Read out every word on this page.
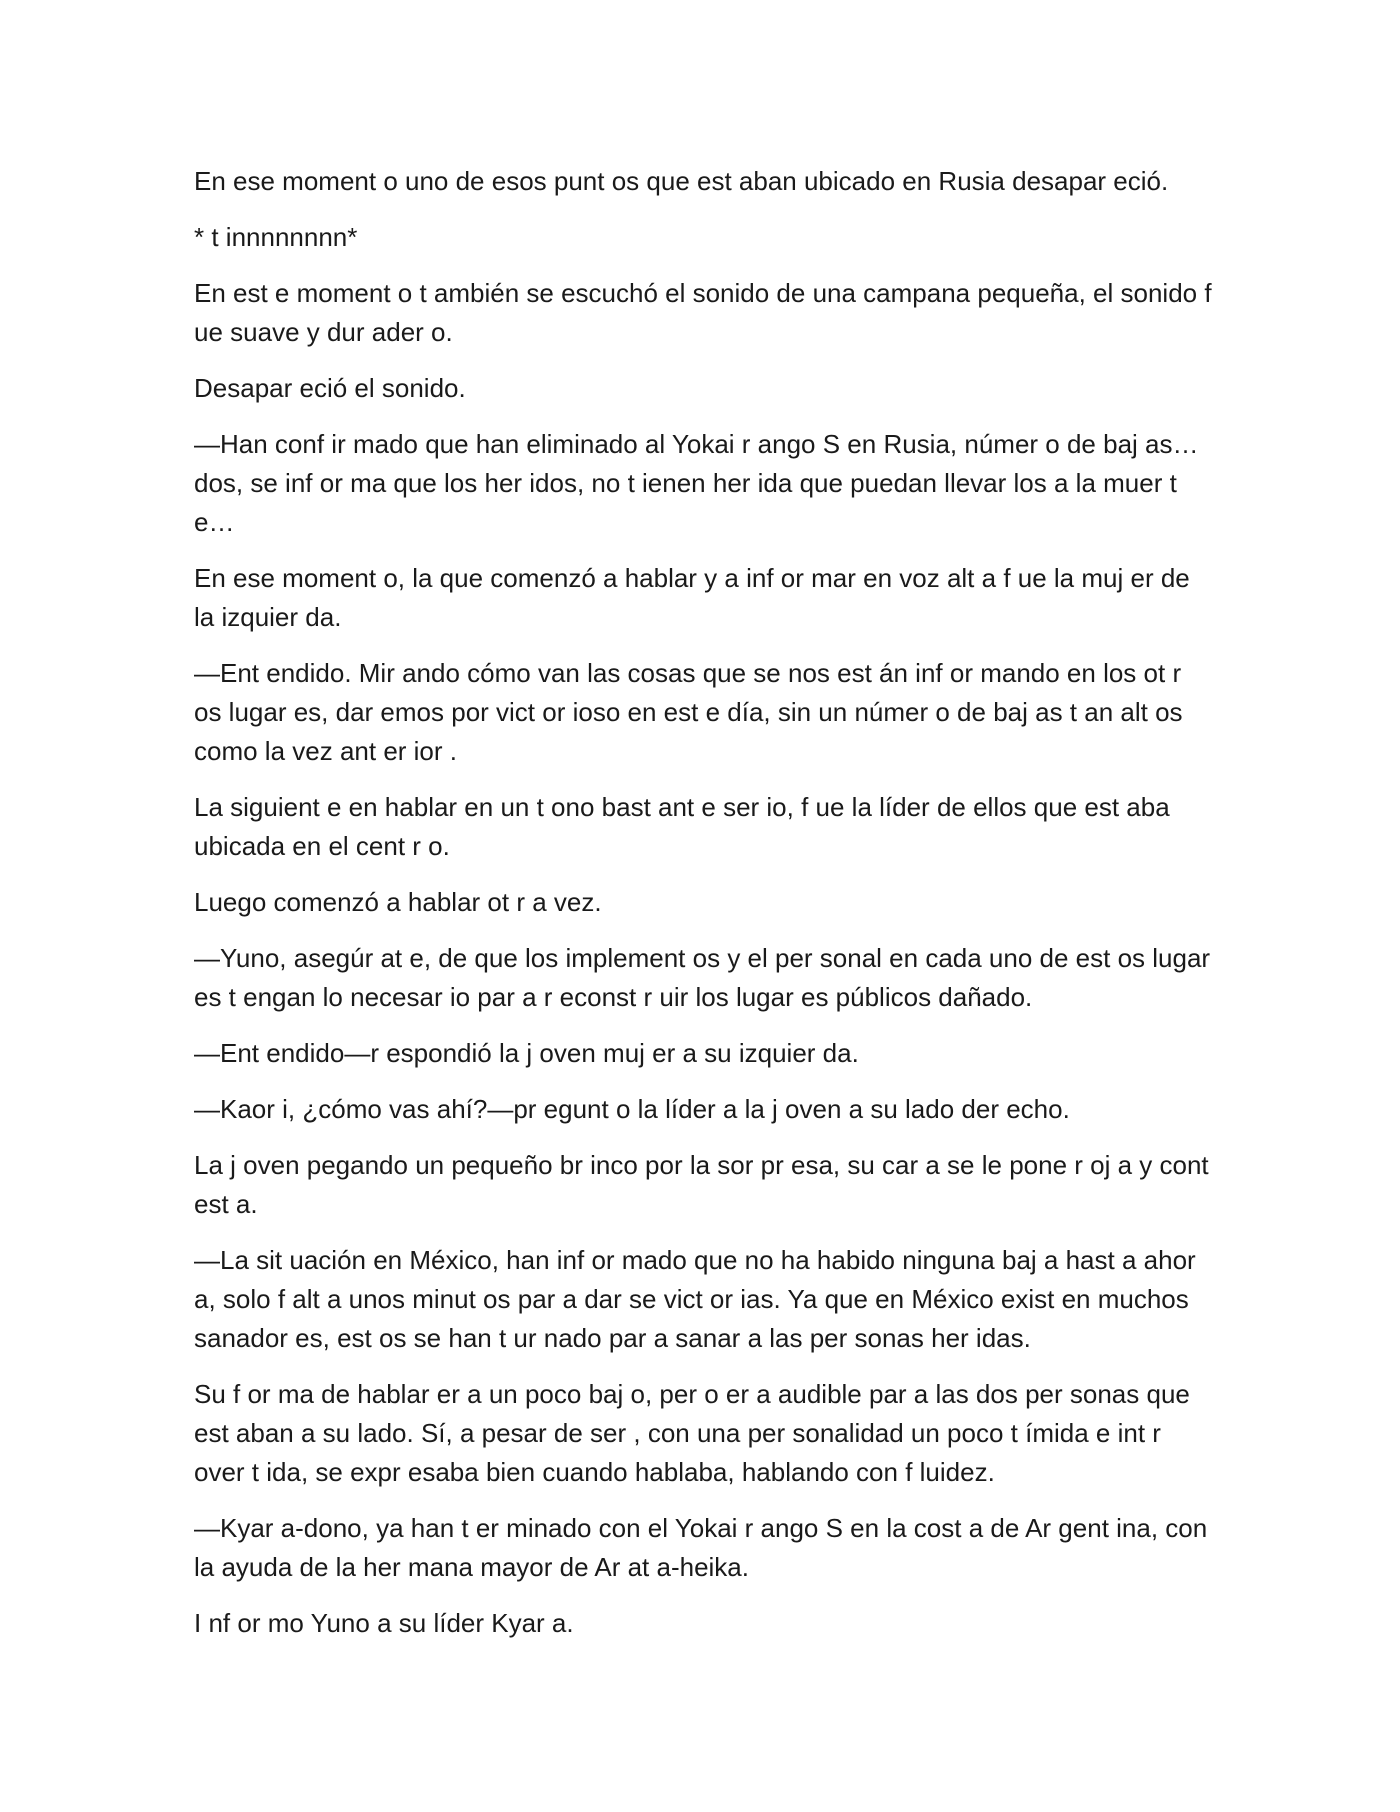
En ese moment o uno de esos punt os que est aban ubicado en Rusia desapar eció.

* t innnnnnnn*

En est e moment o t ambién se escuchó el sonido de una campana pequeña, el sonido f ue suave y dur ader o.

Desapar eció el sonido.

—Han conf ir mado que han eliminado al Yokai r ango S en Rusia, númer o de baj as…dos, se inf or ma que los her idos, no t ienen her ida que puedan llevar los a la muer t e…

En ese moment o, la que comenzó a hablar y a inf or mar en voz alt a f ue la muj er de la izquier da.

—Ent endido. Mir ando cómo van las cosas que se nos est án inf or mando en los ot r os lugar es, dar emos por vict or ioso en est e día, sin un númer o de baj as t an alt os como la vez ant er ior .

La siguient e en hablar en un t ono bast ant e ser io, f ue la líder de ellos que est aba ubicada en el cent r o.

Luego comenzó a hablar ot r a vez.

—Yuno, asegúr at e, de que los implement os y el per sonal en cada uno de est os lugar es t engan lo necesar io par a r econst r uir los lugar es públicos dañado.

—Ent endido—r espondió la j oven muj er a su izquier da.

—Kaor i, ¿cómo vas ahí?—pr egunt o la líder a la j oven a su lado der echo.

La j oven pegando un pequeño br inco por la sor pr esa, su car a se le pone r oj a y cont est a.

—La sit uación en México, han inf or mado que no ha habido ninguna baj a hast a ahor a, solo f alt a unos minut os par a dar se vict or ias. Ya que en México exist en muchos sanador es, est os se han t ur nado par a sanar a las per sonas her idas.

Su f or ma de hablar er a un poco baj o, per o er a audible par a las dos per sonas que est aban a su lado. Sí, a pesar de ser , con una per sonalidad un poco t ímida e int r over t ida, se expr esaba bien cuando hablaba, hablando con f luidez.

—Kyar a-dono, ya han t er minado con el Yokai r ango S en la cost a de Ar gent ina, con la ayuda de la her mana mayor de Ar at a-heika.

I nf or mo Yuno a su líder Kyar a.
